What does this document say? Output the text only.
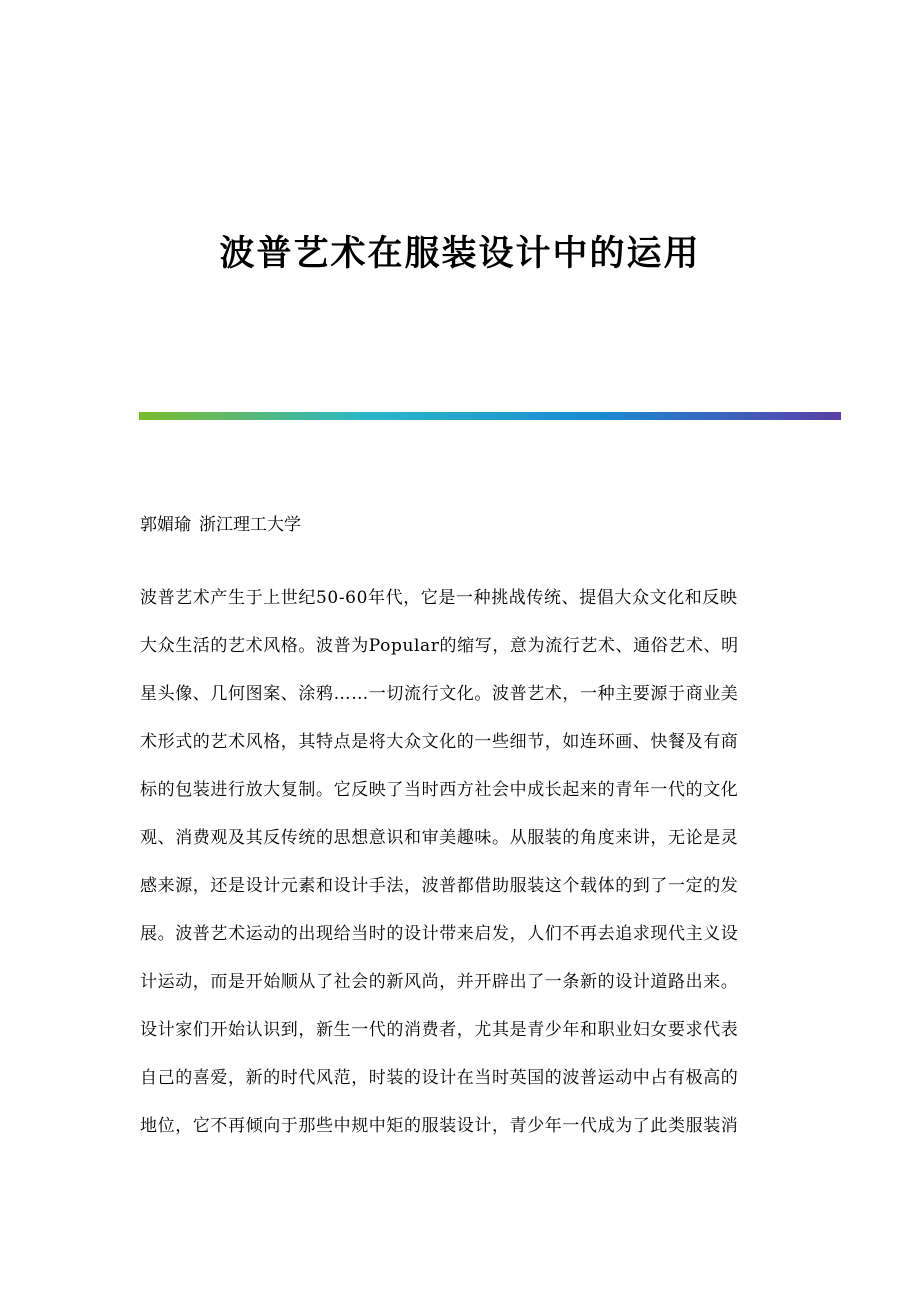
波普艺术在服装设计中的运用

郭媚瑜 浙江理工大学

波普艺术产生于上世纪50-60年代，它是一种挑战传统、提倡大众文化和反映
大众生活的艺术风格。波普为Popular的缩写，意为流行艺术、通俗艺术、明
星头像、几何图案、涂鸦……一切流行文化。波普艺术，一种主要源于商业美
术形式的艺术风格，其特点是将大众文化的一些细节，如连环画、快餐及有商
标的包装进行放大复制。它反映了当时西方社会中成长起来的青年一代的文化
观、消费观及其反传统的思想意识和审美趣味。从服装的角度来讲，无论是灵
感来源，还是设计元素和设计手法，波普都借助服装这个载体的到了一定的发
展。波普艺术运动的出现给当时的设计带来启发，人们不再去追求现代主义设
计运动，而是开始顺从了社会的新风尚，并开辟出了一条新的设计道路出来。
设计家们开始认识到，新生一代的消费者，尤其是青少年和职业妇女要求代表
自己的喜爱，新的时代风范，时装的设计在当时英国的波普运动中占有极高的
地位，它不再倾向于那些中规中矩的服装设计，青少年一代成为了此类服装消
